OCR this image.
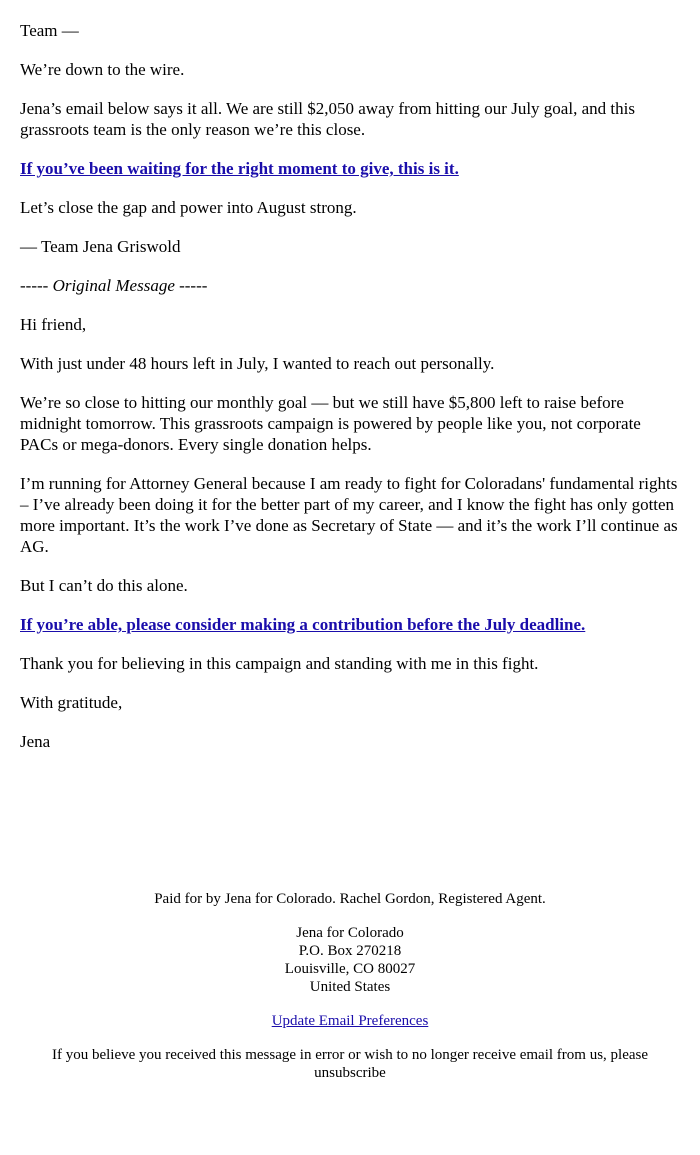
Team —

We’re down to the wire.

Jena’s email below says it all. We are still $2,050 away from hitting our July goal, and this grassroots team is the only reason we’re this close.

If you’ve been waiting for the right moment to give, this is it.

Let’s close the gap and power into August strong.

— Team Jena Griswold

----- Original Message -----

Hi friend,

With just under 48 hours left in July, I wanted to reach out personally.

We’re so close to hitting our monthly goal — but we still have $5,800 left to raise before midnight tomorrow. This grassroots campaign is powered by people like you, not corporate PACs or mega-donors. Every single donation helps.

I’m running for Attorney General because I am ready to fight for Coloradans' fundamental rights – I’ve already been doing it for the better part of my career, and I know the fight has only gotten more important. It’s the work I’ve done as Secretary of State — and it’s the work I’ll continue as AG.

But I can’t do this alone.

If you’re able, please consider making a contribution before the July deadline.

Thank you for believing in this campaign and standing with me in this fight.

With gratitude,

Jena

Paid for by Jena for Colorado. Rachel Gordon, Registered Agent.

Jena for Colorado
P.O. Box 270218
Louisville, CO 80027
United States

Update Email Preferences

If you believe you received this message in error or wish to no longer receive email from us, please unsubscribe
